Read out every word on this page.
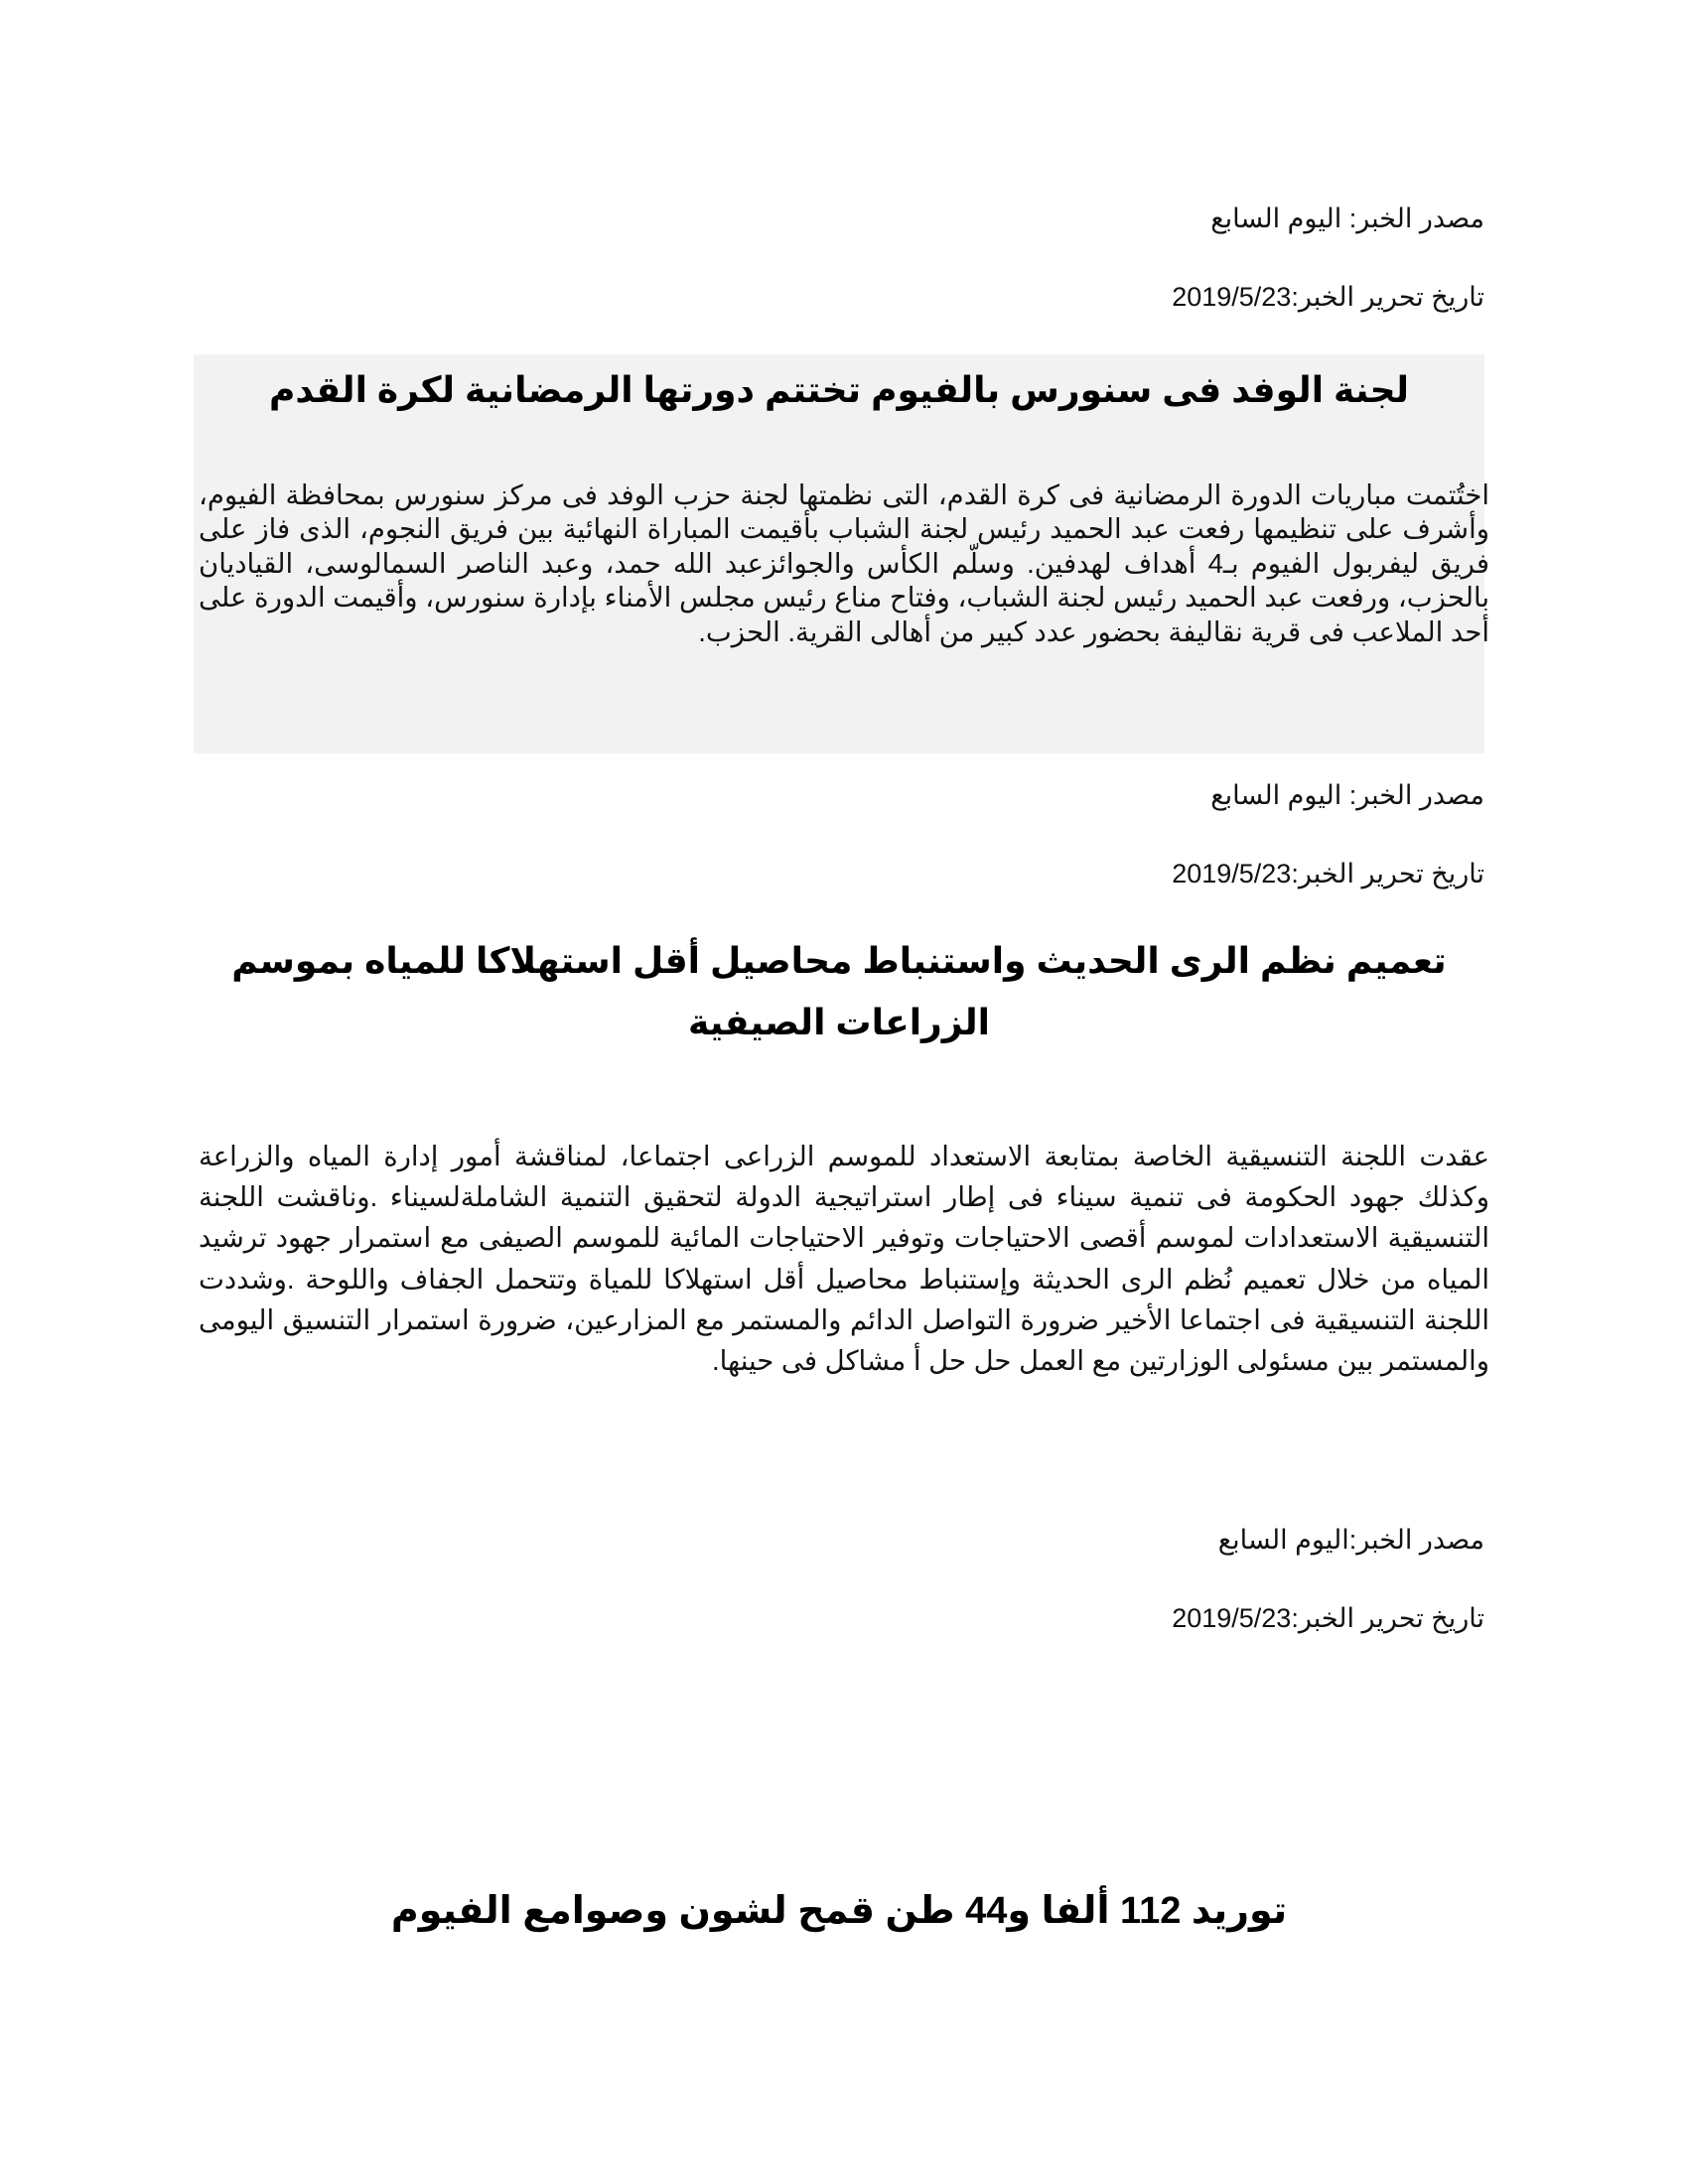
مصدر الخبر: اليوم السابع
تاريخ تحرير الخبر:2019/5/23
لجنة الوفد فى سنورس بالفيوم تختتم دورتها الرمضانية لكرة القدم
اختُتمت مباريات الدورة الرمضانية فى كرة القدم، التى نظمتها لجنة حزب الوفد فى مركز سنورس بمحافظة الفيوم، وأشرف على تنظيمها رفعت عبد الحميد رئيس لجنة الشباب بأقيمت المباراة النهائية بين فريق النجوم، الذى فاز على فريق ليفربول الفيوم بـ4 أهداف لهدفين. وسلّم الكأس والجوائزعبد الله حمد، وعبد الناصر السمالوسى، القياديان بالحزب، ورفعت عبد الحميد رئيس لجنة الشباب، وفتاح مناع رئيس مجلس الأمناء بإدارة سنورس، وأقيمت الدورة على أحد الملاعب فى قرية نقاليفة بحضور عدد كبير من أهالى القرية. الحزب.
مصدر الخبر: اليوم السابع
تاريخ تحرير الخبر:2019/5/23
تعميم نظم الرى الحديث واستنباط محاصيل أقل استهلاكا للمياه بموسم الزراعات الصيفية
عقدت اللجنة التنسيقية الخاصة بمتابعة الاستعداد للموسم الزراعى اجتماعا، لمناقشة أمور إدارة المياه والزراعة وكذلك جهود الحكومة فى تنمية سيناء فى إطار استراتيجية الدولة لتحقيق التنمية الشاملةلسيناء .وناقشت اللجنة التنسيقية الاستعدادات لموسم أقصى الاحتياجات وتوفير الاحتياجات المائية للموسم الصيفى مع استمرار جهود ترشيد المياه من خلال تعميم نُظم الرى الحديثة وإستنباط محاصيل أقل استهلاكا للمياة وتتحمل الجفاف واللوحة .وشددت اللجنة التنسيقية فى اجتماعا الأخير ضرورة التواصل الدائم والمستمر مع المزارعين، ضرورة استمرار التنسيق اليومى والمستمر بين مسئولى الوزارتين مع العمل حل حل أ مشاكل فى حينها.
مصدر الخبر:اليوم السابع
تاريخ تحرير الخبر:2019/5/23
توريد 112 ألفا و44 طن قمح لشون وصوامع الفيوم
